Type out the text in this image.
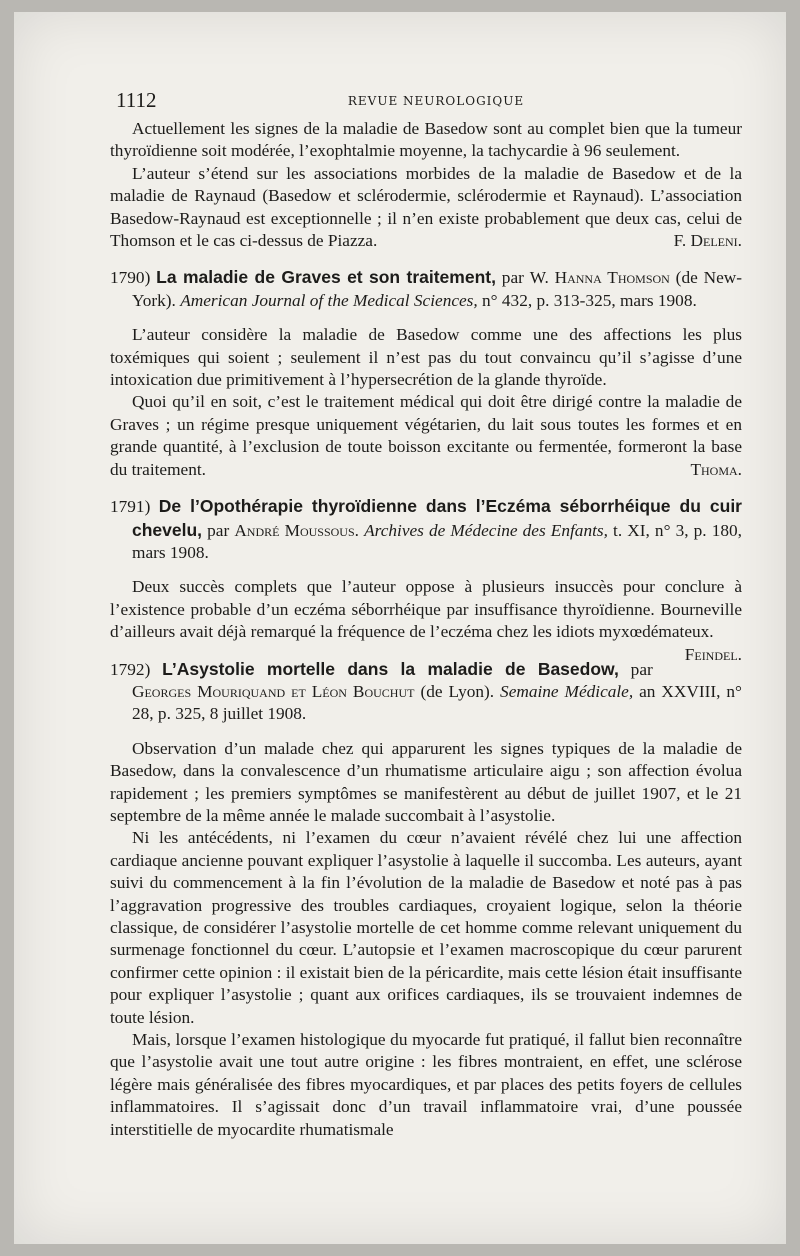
1112	REVUE NEUROLOGIQUE

Actuellement les signes de la maladie de Basedow sont au complet bien que la tumeur thyroïdienne soit modérée, l’exophtalmie moyenne, la tachycardie à 96 seulement.

L’auteur s’étend sur les associations morbides de la maladie de Basedow et de la maladie de Raynaud (Basedow et sclérodermie, sclérodermie et Raynaud). L’association Basedow-Raynaud est exceptionnelle ; il n’en existe probablement que deux cas, celui de Thomson et le cas ci-dessus de Piazza.	F. Deleni.

1790) La maladie de Graves et son traitement, par W. Hanna Thomson (de New-York). American Journal of the Medical Sciences, n° 432, p. 313-325, mars 1908.

L’auteur considère la maladie de Basedow comme une des affections les plus toxémiques qui soient ; seulement il n’est pas du tout convaincu qu’il s’agisse d’une intoxication due primitivement à l’hypersecrétion de la glande thyroïde.

Quoi qu’il en soit, c’est le traitement médical qui doit être dirigé contre la maladie de Graves ; un régime presque uniquement végétarien, du lait sous toutes les formes et en grande quantité, à l’exclusion de toute boisson excitante ou fermentée, formeront la base du traitement.	Thoma.

1791) De l’Opothérapie thyroïdienne dans l’Eczéma séborrhéique du cuir chevelu, par André Moussous. Archives de Médecine des Enfants, t. XI, n° 3, p. 180, mars 1908.

Deux succès complets que l’auteur oppose à plusieurs insuccès pour conclure à l’existence probable d’un eczéma séborrhéique par insuffisance thyroïdienne. Bourneville d’ailleurs avait déjà remarqué la fréquence de l’eczéma chez les idiots myxœdémateux.
Feindel.

1792) L’Asystolie mortelle dans la maladie de Basedow, par Georges Mouriquand et Léon Bouchut (de Lyon). Semaine Médicale, an XXVIII, n° 28, p. 325, 8 juillet 1908.

Observation d’un malade chez qui apparurent les signes typiques de la maladie de Basedow, dans la convalescence d’un rhumatisme articulaire aigu ; son affection évolua rapidement ; les premiers symptômes se manifestèrent au début de juillet 1907, et le 21 septembre de la même année le malade succombait à l’asystolie.

Ni les antécédents, ni l’examen du cœur n’avaient révélé chez lui une affection cardiaque ancienne pouvant expliquer l’asystolie à laquelle il succomba. Les auteurs, ayant suivi du commencement à la fin l’évolution de la maladie de Basedow et noté pas à pas l’aggravation progressive des troubles cardiaques, croyaient logique, selon la théorie classique, de considérer l’asystolie mortelle de cet homme comme relevant uniquement du surmenage fonctionnel du cœur. L’autopsie et l’examen macroscopique du cœur parurent confirmer cette opinion : il existait bien de la péricardite, mais cette lésion était insuffisante pour expliquer l’asystolie ; quant aux orifices cardiaques, ils se trouvaient indemnes de toute lésion.

Mais, lorsque l’examen histologique du myocarde fut pratiqué, il fallut bien reconnaître que l’asystolie avait une tout autre origine : les fibres montraient, en effet, une sclérose légère mais généralisée des fibres myocardiques, et par places des petits foyers de cellules inflammatoires. Il s’agissait donc d’un travail inflammatoire vrai, d’une poussée interstitielle de myocardite rhumatismale
